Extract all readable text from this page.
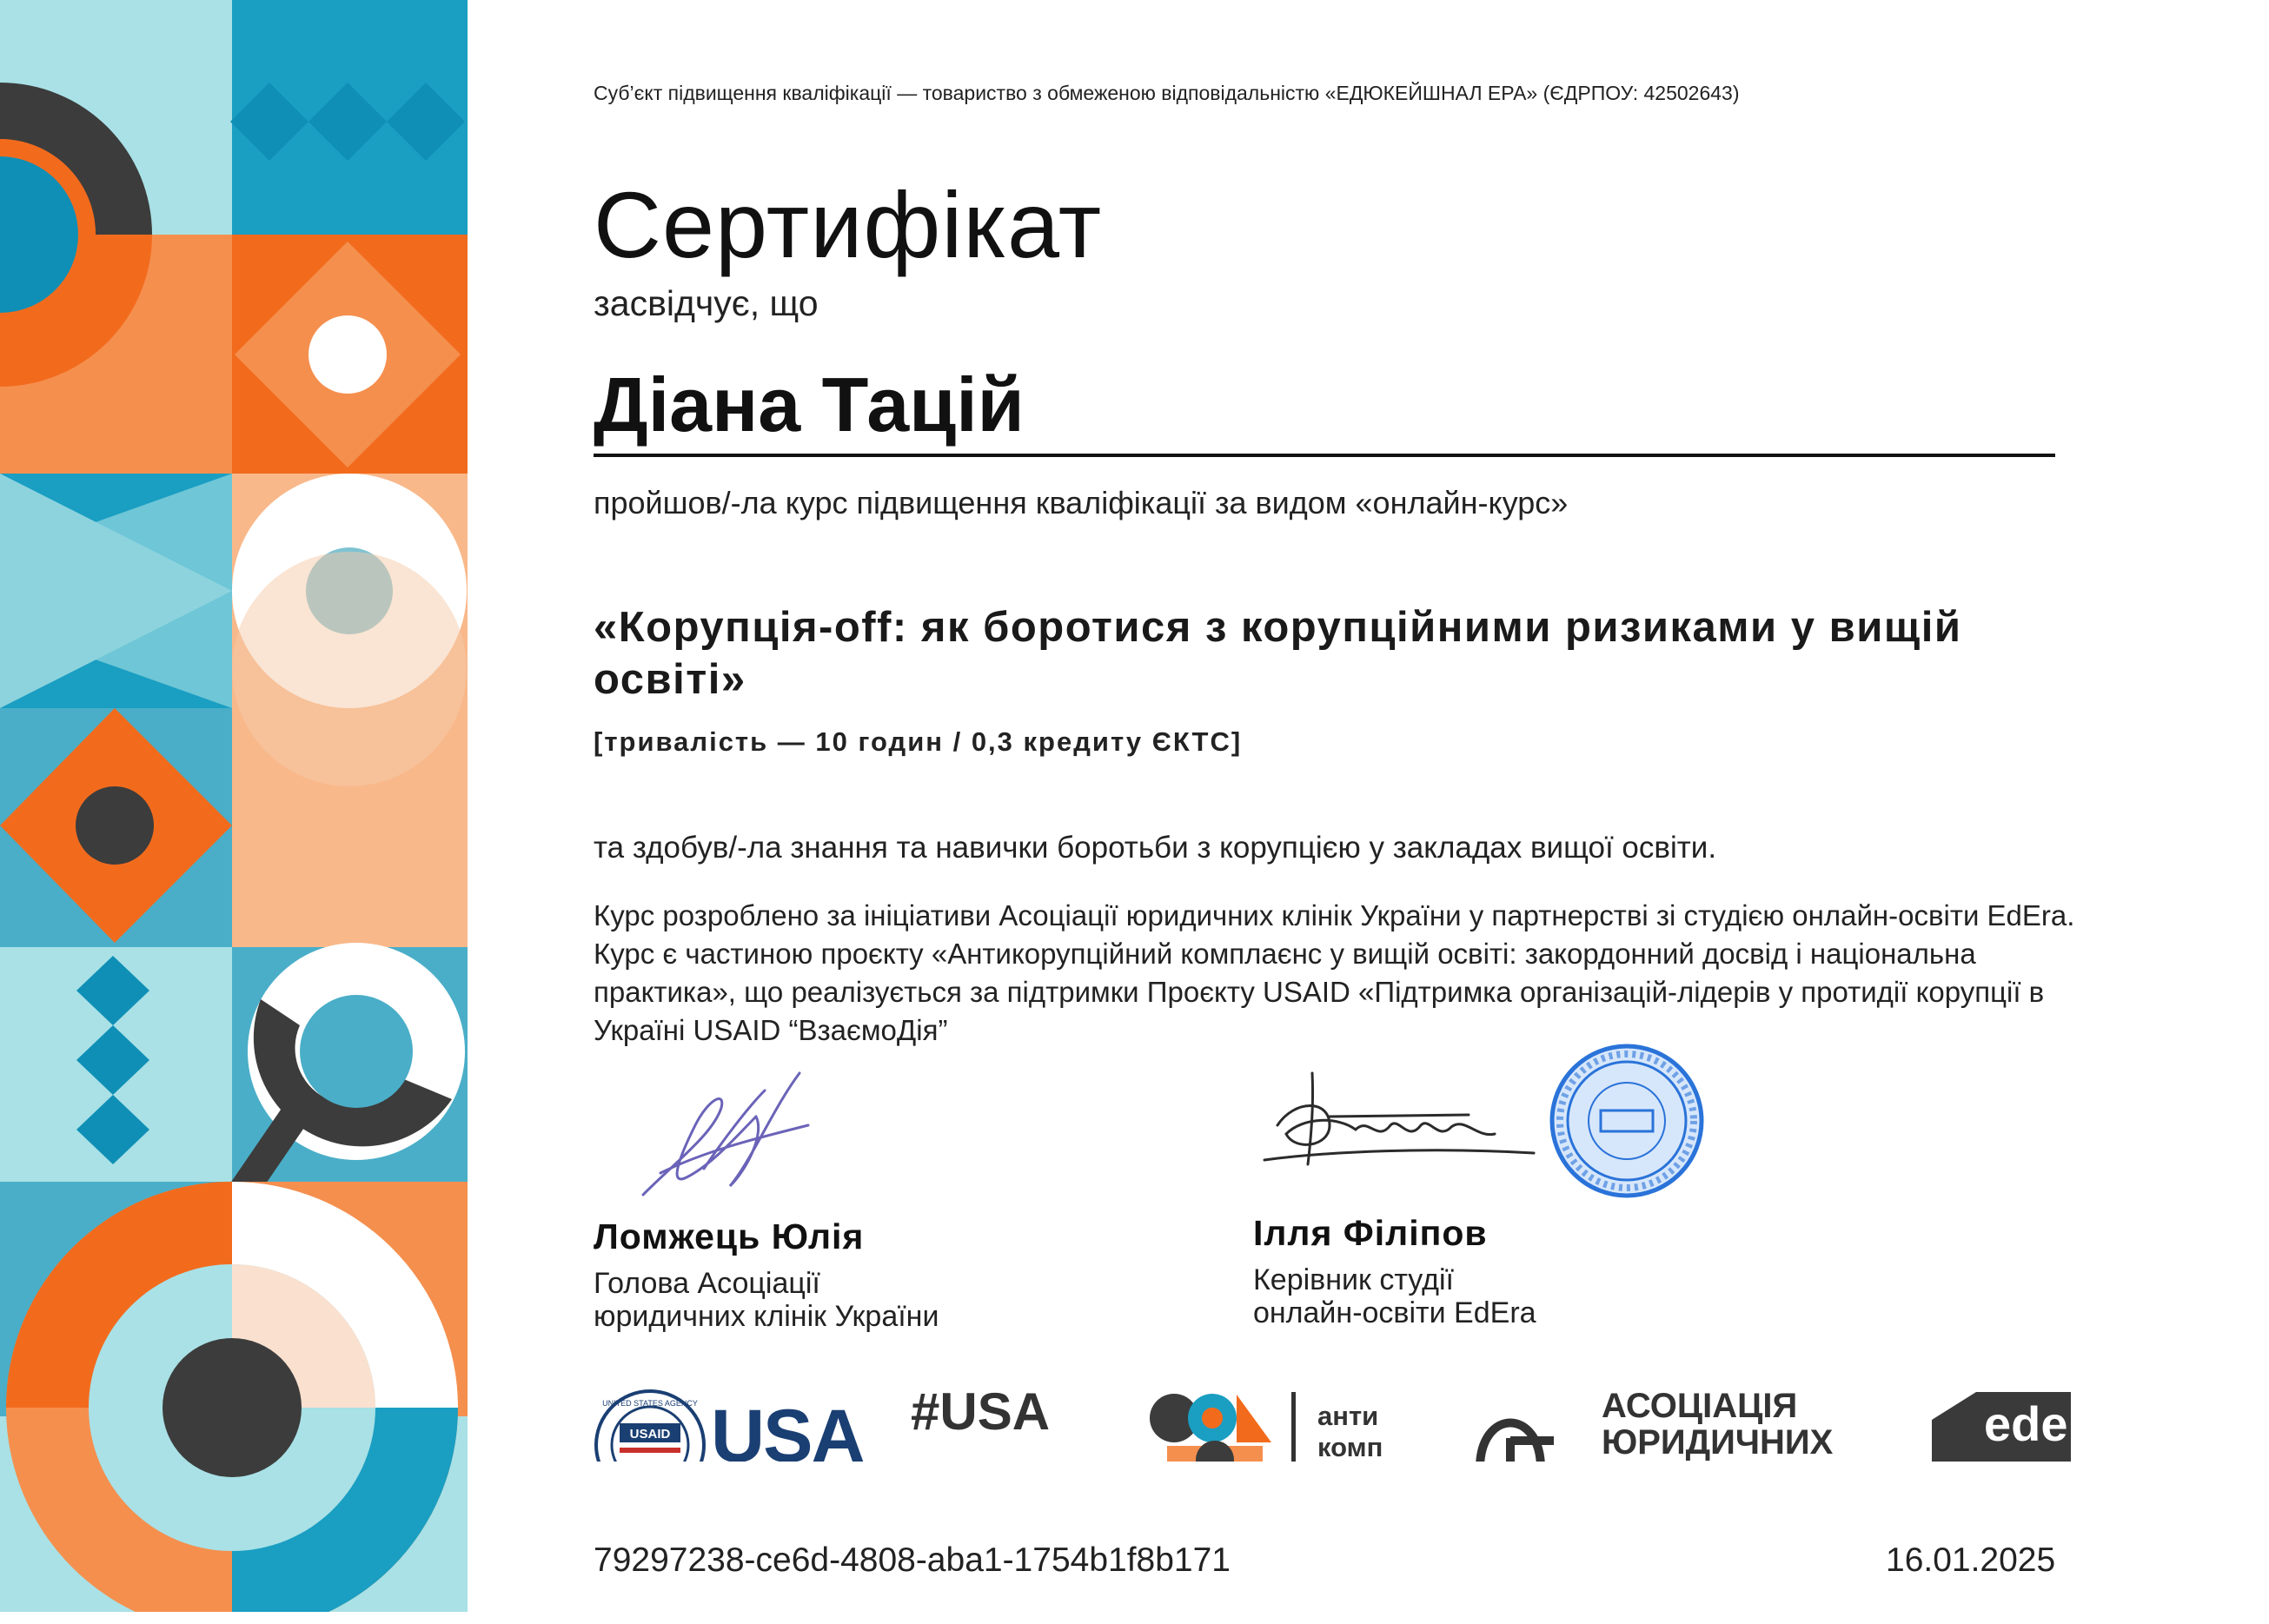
Суб’єкт підвищення кваліфікації — товариство з обмеженою відповідальністю «ЕДЮКЕЙШНАЛ ЕРА» (ЄДРПОУ: 42502643)
Сертифікат
засвідчує, що
Діана Тацій
пройшов/-ла курс підвищення кваліфікації за видом «онлайн-курс»
«Корупція-off: як боротися з корупційними ризиками у вищій освіті»
[тривалість — 10 годин / 0,3 кредиту ЄКТС]
та здобув/-ла знання та навички боротьби з корупцією у закладах вищої освіти.
Курс розроблено за ініціативи Асоціації юридичних клінік України у партнерстві зі студією онлайн-освіти EdEra. Курс є частиною проєкту «Антикорупційний комплаєнс у вищій освіті: закордонний досвід і національна практика», що реалізується за підтримки Проєкту USAID «Підтримка організацій-лідерів у протидії корупції в Україні USAID “ВзаємоДія”
Ломжець Юлія
Голова Асоціації
юридичних клінік України
Ілля Філіпов
Керівник студії
онлайн-освіти EdEra
USAID
UNITED STATES AGENCY USA #USA	анти
комп
АСОЦІАЦІЯ
ЮРИДИЧНИХ	ede
79297238-ce6d-4808-aba1-1754b1f8b171	16.01.2025
